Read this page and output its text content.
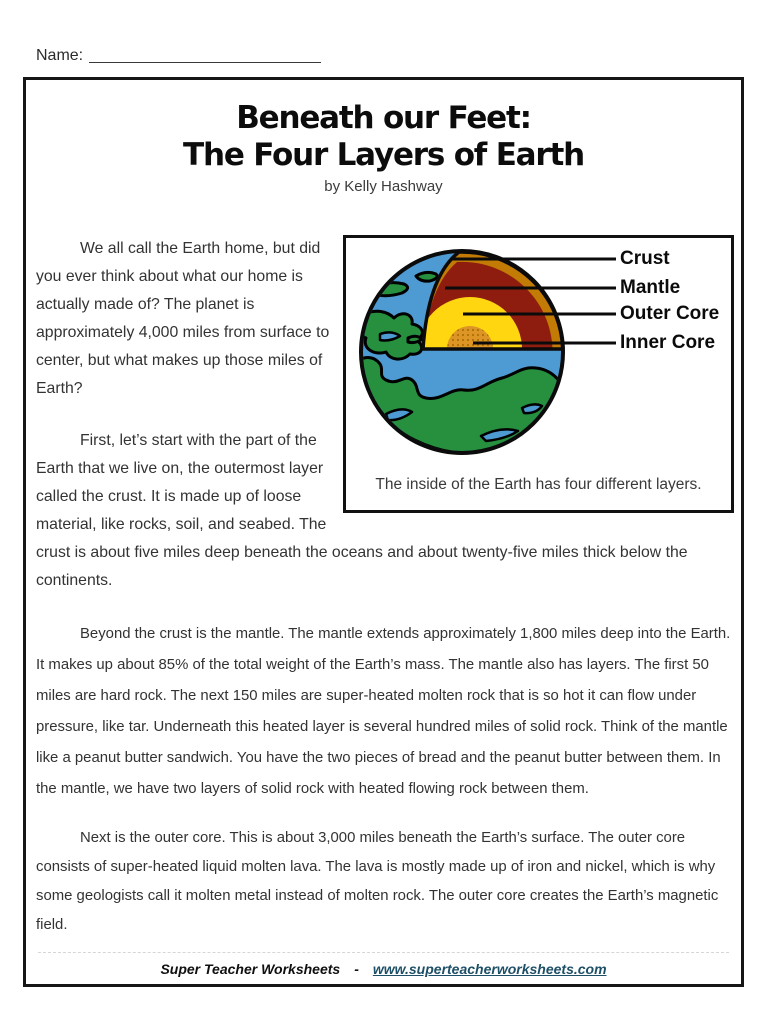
Name:
Beneath our Feet:
The Four Layers of Earth
by Kelly Hashway
Crust
Mantle
Outer Core
Inner Core
The inside of the Earth has four different layers.

We all call the Earth home, but did you ever think about what our home is actually made of? The planet is approximately 4,000 miles from surface to center, but what makes up those miles of Earth?

First, let’s start with the part of the Earth that we live on, the outermost layer called the crust. It is made up of loose material, like rocks, soil, and seabed. The crust is about five miles deep beneath the oceans and about twenty-five miles thick below the continents.

Beyond the crust is the mantle. The mantle extends approximately 1,800 miles deep into the Earth. It makes up about 85% of the total weight of the Earth’s mass. The mantle also has layers. The first 50 miles are hard rock. The next 150 miles are super-heated molten rock that is so hot it can flow under pressure, like tar. Underneath this heated layer is several hundred miles of solid rock. Think of the mantle like a peanut butter sandwich. You have the two pieces of bread and the peanut butter between them. In the mantle, we have two layers of solid rock with heated flowing rock between them.

Next is the outer core. This is about 3,000 miles beneath the Earth’s surface. The outer core consists of super-heated liquid molten lava. The lava is mostly made up of iron and nickel, which is why some geologists call it molten metal instead of molten rock. The outer core creates the Earth’s magnetic field.

Super Teacher Worksheets - www.superteacherworksheets.com
